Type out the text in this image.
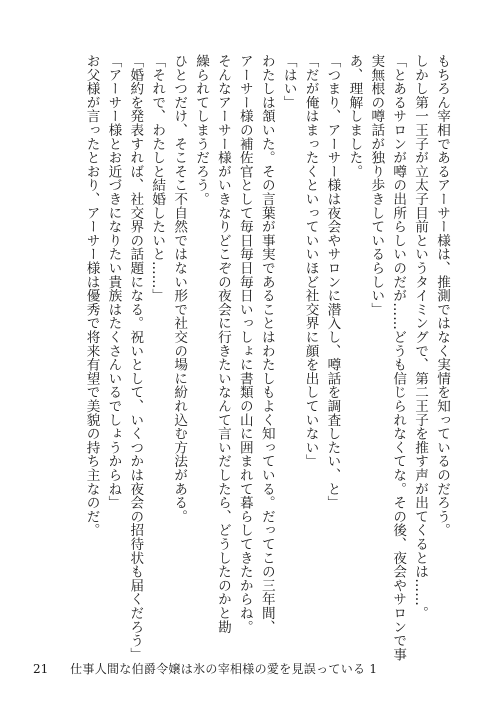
もちろん宰相であるアーサー様は、推測ではなく実情を知っているのだろう。

しかし第一王子が立太子目前というタイミングで、第二王子を推す声が出てくるとは……。

「とあるサロンが噂の出所らしいのだが……どうも信じられなくてな。その後、夜会やサロンで事

実無根の噂話が独り歩きしているらしい」

あ、理解しました。

「つまり、アーサー様は夜会やサロンに潜入し、噂話を調査したい、と」

「だが俺はまったくといっていいほど社交界に顔を出していない」

「はい」

わたしは頷いた。その言葉が事実であることはわたしもよく知っている。だってこの三年間、

アーサー様の補佐官として毎日毎日毎日いっしょに書類の山に囲まれて暮らしてきたからね。

そんなアーサー様がいきなりどこぞの夜会に行きたいなんて言いだしたら、どうしたのかと勘

繰られてしまうだろう。

ひとつだけ、そこそこ不自然ではない形で社交の場に紛れ込む方法がある。

「それで、わたしと結婚したいと……」

「婚約を発表すれば、社交界の話題になる。祝いとして、いくつかは夜会の招待状も届くだろう」

「アーサー様とお近づきになりたい貴族はたくさんいるでしょうからね」

お父様が言ったとおり、アーサー様は優秀で将来有望で美貌の持ち主なのだ。

21 仕事人間な伯爵令嬢は氷の宰相様の愛を見誤っている 1
